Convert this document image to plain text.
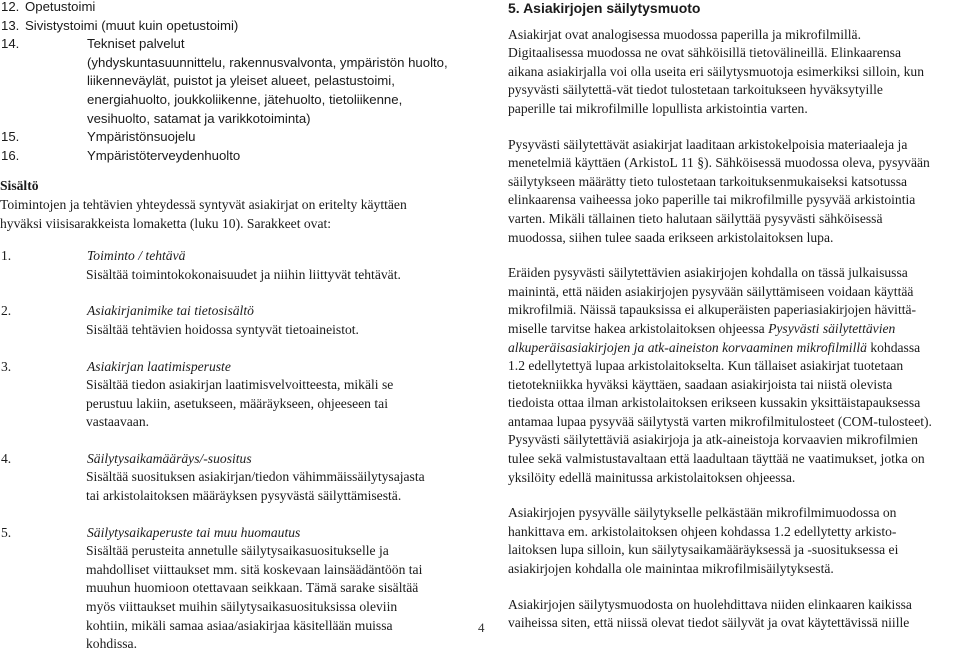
12. Opetustoimi
13. Sivistystoimi (muut kuin opetustoimi)
14.	Tekniset palvelut
(yhdyskuntasuunnittelu, rakennusvalvonta, ympäristön huolto,
liikenneväylät, puistot ja yleiset alueet, pelastustoimi,
energiahuolto, joukkoliikenne, jätehuolto, tietoliikenne,
vesihuolto, satamat ja varikkotoiminta)
15.	Ympäristönsuojelu
16.	Ympäristöterveydenhuolto

Sisältö

Toimintojen ja tehtävien yhteydessä syntyvät asiakirjat on eritelty käyttäen

hyväksi viisisarakkeista lomaketta (luku 10). Sarakkeet ovat:

1.	Toiminto / tehtävä

Sisältää toimintokokonaisuudet ja niihin liittyvät tehtävät.

2.	Asiakirjanimike tai tietosisältö

Sisältää tehtävien hoidossa syntyvät tietoaineistot.

3.	Asiakirjan laatimisperuste

Sisältää tiedon asiakirjan laatimisvelvoitteesta, mikäli se

perustuu lakiin, asetukseen, määräykseen, ohjeeseen tai

vastaavaan.

4.	Säilytysaikamääräys/-suositus

Sisältää suosituksen asiakirjan/tiedon vähimmäissäilytysajasta

tai arkistolaitoksen määräyksen pysyvästä säilyttämisestä.

5.	Säilytysaikaperuste tai muu huomautus

Sisältää perusteita annetulle säilytysaikasuositukselle ja

mahdolliset viittaukset mm. sitä koskevaan lainsäädäntöön tai

muuhun huomioon otettavaan seikkaan. Tämä sarake sisältää

myös viittaukset muihin säilytysaikasuosituksissa oleviin

kohtiin, mikäli samaa asiaa/asiakirjaa käsitellään muissa

kohdissa.

5. Asiakirjojen säilytysmuoto

Asiakirjat ovat analogisessa muodossa paperilla ja mikrofilmillä.

Digitaalisessa muodossa ne ovat sähköisillä tietovälineillä. Elinkaarensa

aikana asiakirjalla voi olla useita eri säilytysmuotoja esimerkiksi silloin, kun

pysyvästi säilytettä-vät tiedot tulostetaan tarkoitukseen hyväksytyille

paperille tai mikrofilmille lopullista arkistointia varten.

Pysyvästi säilytettävät asiakirjat laaditaan arkistokelpoisia materiaaleja ja

menetelmiä käyttäen (ArkistoL 11 §). Sähköisessä muodossa oleva, pysyvään

säilytykseen määrätty tieto tulostetaan tarkoituksenmukaiseksi katsotussa

elinkaarensa vaiheessa joko paperille tai mikrofilmille pysyvää arkistointia

varten. Mikäli tällainen tieto halutaan säilyttää pysyvästi sähköisessä

muodossa, siihen tulee saada erikseen arkistolaitoksen lupa.

Eräiden pysyvästi säilytettävien asiakirjojen kohdalla on tässä julkaisussa

mainintä, että näiden asiakirjojen pysyvään säilyttämiseen voidaan käyttää

mikrofilmiä. Näissä tapauksissa ei alkuperäisten paperiasiakirjojen hävittä-

miselle tarvitse hakea arkistolaitoksen ohjeessa Pysyvästi säilytettävien

alkuperäisasiakirjojen ja atk-aineiston korvaaminen mikrofilmillä kohdassa

1.2 edellytettyä lupaa arkistolaitokselta. Kun tällaiset asiakirjat tuotetaan

tietotekniikka hyväksi käyttäen, saadaan asiakirjoista tai niistä olevista

tiedoista ottaa ilman arkistolaitoksen erikseen kussakin yksittäistapauksessa

antamaa lupaa pysyvää säilytystä varten mikrofilmitulosteet (COM-tulosteet).

Pysyvästi säilytettäviä asiakirjoja ja atk-aineistoja korvaavien mikrofilmien

tulee sekä valmistustavaltaan että laadultaan täyttää ne vaatimukset, jotka on

yksilöity edellä mainitussa arkistolaitoksen ohjeessa.

Asiakirjojen pysyvälle säilytykselle pelkästään mikrofilmimuodossa on

hankittava em. arkistolaitoksen ohjeen kohdassa 1.2 edellytetty arkisto-

laitoksen lupa silloin, kun säilytysaikamääräyksessä ja -suosituksessa ei

asiakirjojen kohdalla ole mainintaa mikrofilmisäilytyksestä.

Asiakirjojen säilytysmuodosta on huolehdittava niiden elinkaaren kaikissa

vaiheissa siten, että niissä olevat tiedot säilyvät ja ovat käytettävissä niille

4
